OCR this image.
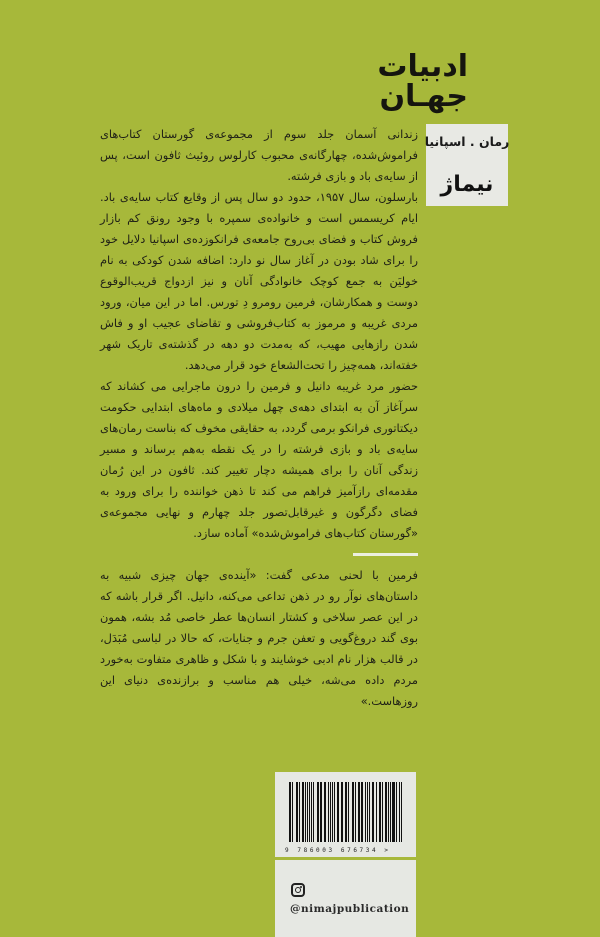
ادبیات
جهـان
رمان . اسپانیا
نیماژ

زندانی آسمان جلد سوم از مجموعه‌ی گورستان کتاب‌های فراموش‌شده، چهارگانه‌ی محبوب کارلوس روئیث ثافون است، پس از سایه‌ی باد و بازی فرشته.

بارسلون، سال ۱۹۵۷، حدود دو سال پس از وقایع کتاب سایه‌ی باد. ایام کریسمس است و خانواده‌ی سمپره با وجود رونق کم بازار فروش کتاب و فضای بی‌روح جامعه‌ی فرانکوزده‌ی اسپانیا دلایل خود را برای شاد بودن در آغاز سال نو دارد: اضافه شدن کودکی به نام خولیَن به جمع کوچک خانوادگی آنان و نیز ازدواج قریب‌الوقوع دوست و همکارشان، فرمین رومرو دِ تورس. اما در این میان، ورود مردی غریبه و مرموز به کتاب‌فروشی و تقاضای عجیب او و فاش شدن رازهایی مهیب، که به‌مدت دو دهه در گذشته‌ی تاریک شهر خفته‌اند، همه‌چیز را تحت‌الشعاع خود قرار می‌دهد.

حضور مرد غریبه دانیل و فرمین را درون ماجرایی می کشاند که سرآغاز آن به ابتدای دهه‌ی چهل میلادی و ماه‌های ابتدایی حکومت دیکتاتوری فرانکو برمی گردد، به حقایقی مخوف که بناست رمان‌های سایه‌ی باد و بازی فرشته را در یک نقطه به‌هم برساند و مسیر زندگی آنان را برای همیشه دچار تغییر کند. ثافون در این رُمان مقدمه‌ای رازآمیز فراهم می کند تا ذهن خواننده را برای ورود به فضای دگرگون و غیرقابل‌تصور جلد چهارم و نهایی مجموعه‌ی «گورستان کتاب‌های فراموش‌شده» آماده سازد.

فرمین با لحنی مدعی گفت: «آینده‌ی جهان چیزی شبیه به داستان‌های نوآر رو در ذهن تداعی می‌کنه، دانیل. اگر قرار باشه که در این عصر سلاخی و کشتار انسان‌ها عطر خاصی مُد بشه، همون بوی گند دروغ‌گویی و تعفن جرم و جنایات، که حالا در لباسی مُبَدَل، در قالب هزار نام ادبی خوشایند و با شکل و ظاهری متفاوت به‌خورد مردم داده می‌شه، خیلی هم مناسب و برازنده‌ی دنیای این روزهاست.»

9 786003 676734 >
@nimajpublication
